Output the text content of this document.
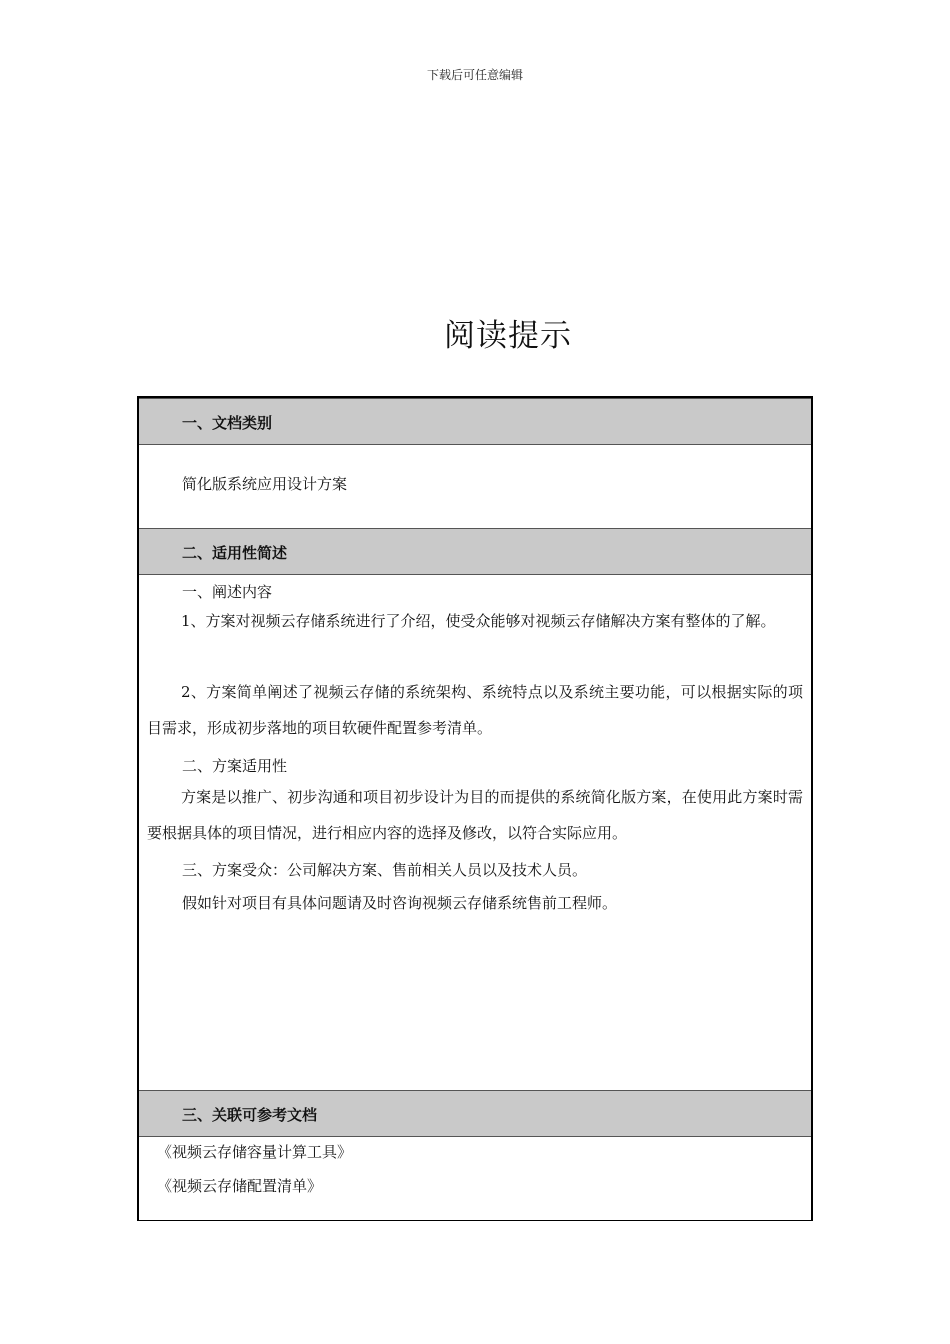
下载后可任意编辑
阅读提示
一、文档类别
简化版系统应用设计方案
二、适用性简述
一、阐述内容
1、方案对视频云存储系统进行了介绍，使受众能够对视频云存储解决方案有整体的了解。
2、方案简单阐述了视频云存储的系统架构、系统特点以及系统主要功能，可以根据实际的项目需求，形成初步落地的项目软硬件配置参考清单。
二、方案适用性
方案是以推广、初步沟通和项目初步设计为目的而提供的系统简化版方案，在使用此方案时需要根据具体的项目情况，进行相应内容的选择及修改，以符合实际应用。
三、方案受众：公司解决方案、售前相关人员以及技术人员。
假如针对项目有具体问题请及时咨询视频云存储系统售前工程师。
三、关联可参考文档
《视频云存储容量计算工具》
《视频云存储配置清单》
